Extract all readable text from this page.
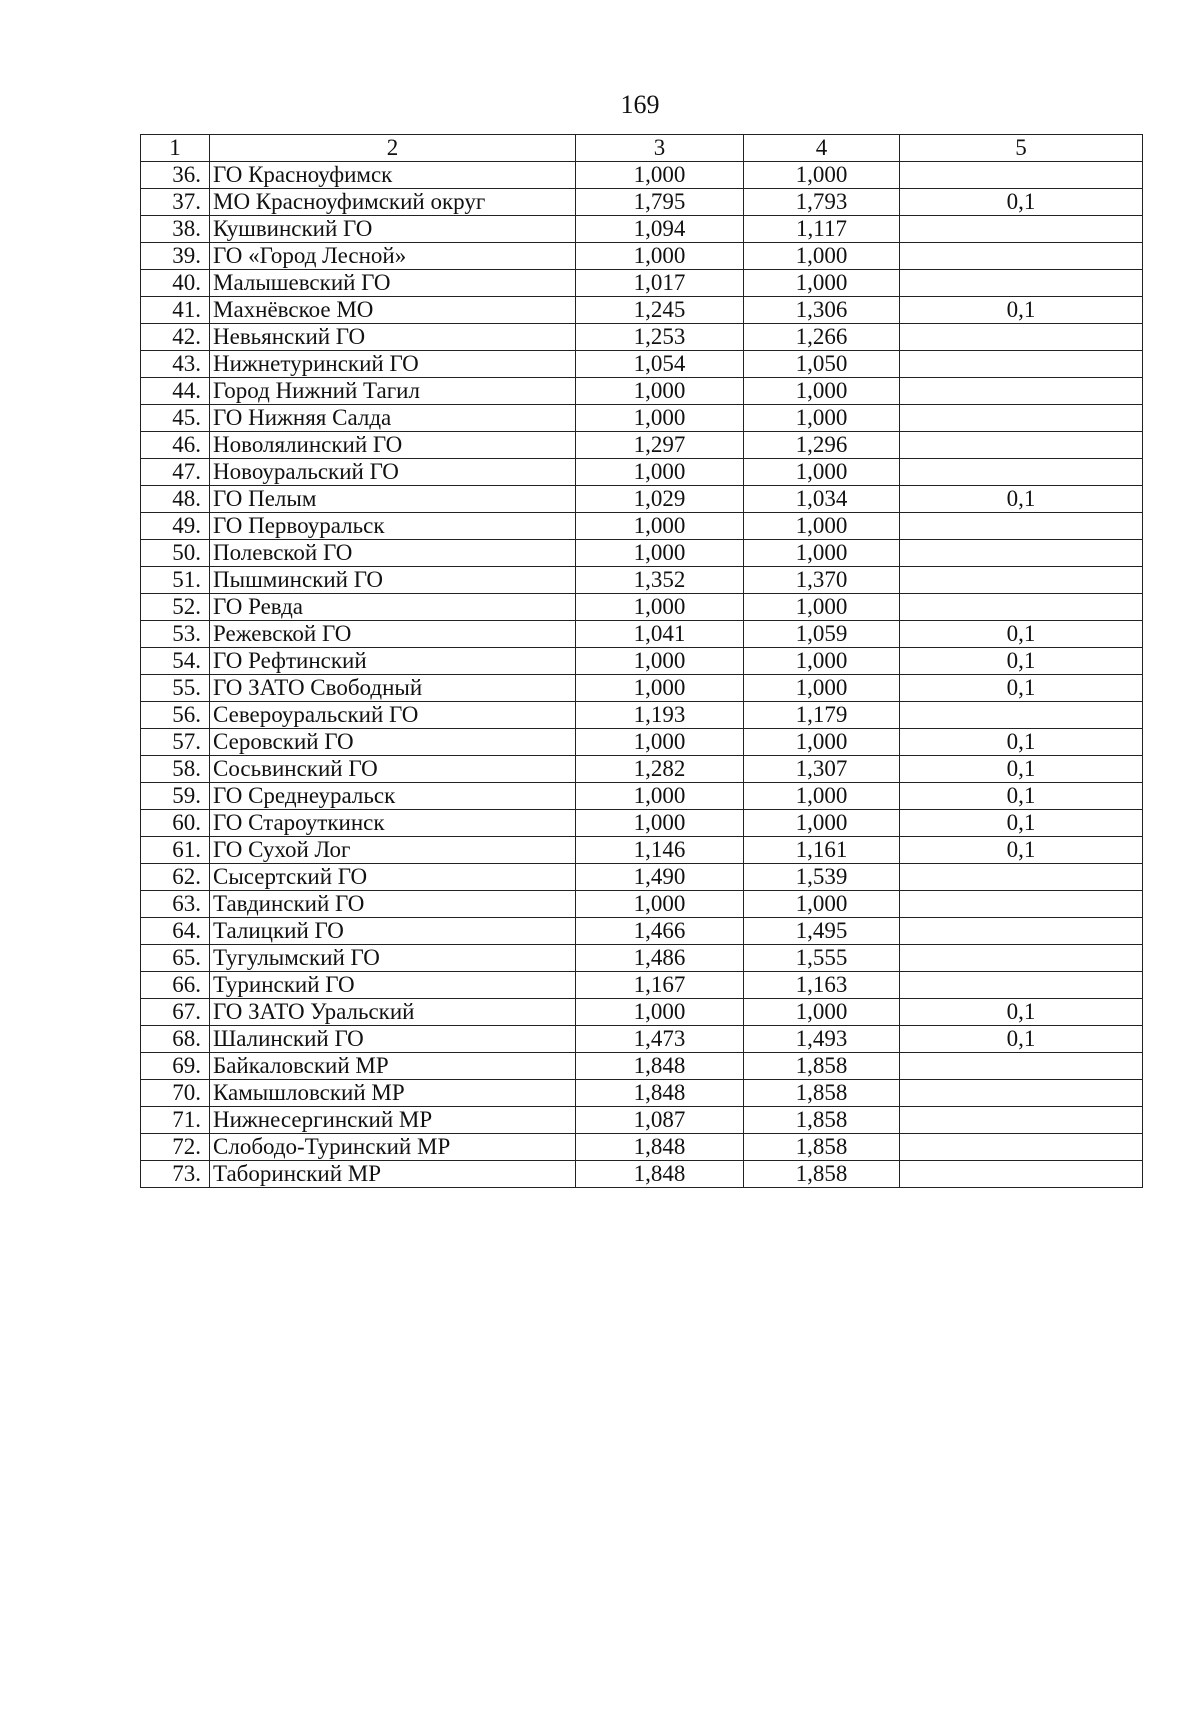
169
1	2	3	4	5
36.	ГО Красноуфимск	1,000	1,000	
37.	МО Красноуфимский округ	1,795	1,793	0,1
38.	Кушвинский ГО	1,094	1,117	
39.	ГО «Город Лесной»	1,000	1,000	
40.	Малышевский ГО	1,017	1,000	
41.	Махнёвское МО	1,245	1,306	0,1
42.	Невьянский ГО	1,253	1,266	
43.	Нижнетуринский ГО	1,054	1,050	
44.	Город Нижний Тагил	1,000	1,000	
45.	ГО Нижняя Салда	1,000	1,000	
46.	Новолялинский ГО	1,297	1,296	
47.	Новоуральский ГО	1,000	1,000	
48.	ГО Пелым	1,029	1,034	0,1
49.	ГО Первоуральск	1,000	1,000	
50.	Полевской ГО	1,000	1,000	
51.	Пышминский ГО	1,352	1,370	
52.	ГО Ревда	1,000	1,000	
53.	Режевской ГО	1,041	1,059	0,1
54.	ГО Рефтинский	1,000	1,000	0,1
55.	ГО ЗАТО Свободный	1,000	1,000	0,1
56.	Североуральский ГО	1,193	1,179	
57.	Серовский ГО	1,000	1,000	0,1
58.	Сосьвинский ГО	1,282	1,307	0,1
59.	ГО Среднеуральск	1,000	1,000	0,1
60.	ГО Староуткинск	1,000	1,000	0,1
61.	ГО Сухой Лог	1,146	1,161	0,1
62.	Сысертский ГО	1,490	1,539	
63.	Тавдинский ГО	1,000	1,000	
64.	Талицкий ГО	1,466	1,495	
65.	Тугулымский ГО	1,486	1,555	
66.	Туринский ГО	1,167	1,163	
67.	ГО ЗАТО Уральский	1,000	1,000	0,1
68.	Шалинский ГО	1,473	1,493	0,1
69.	Байкаловский МР	1,848	1,858	
70.	Камышловский МР	1,848	1,858	
71.	Нижнесергинский МР	1,087	1,858	
72.	Слободо-Туринский МР	1,848	1,858	
73.	Таборинский МР	1,848	1,858	
